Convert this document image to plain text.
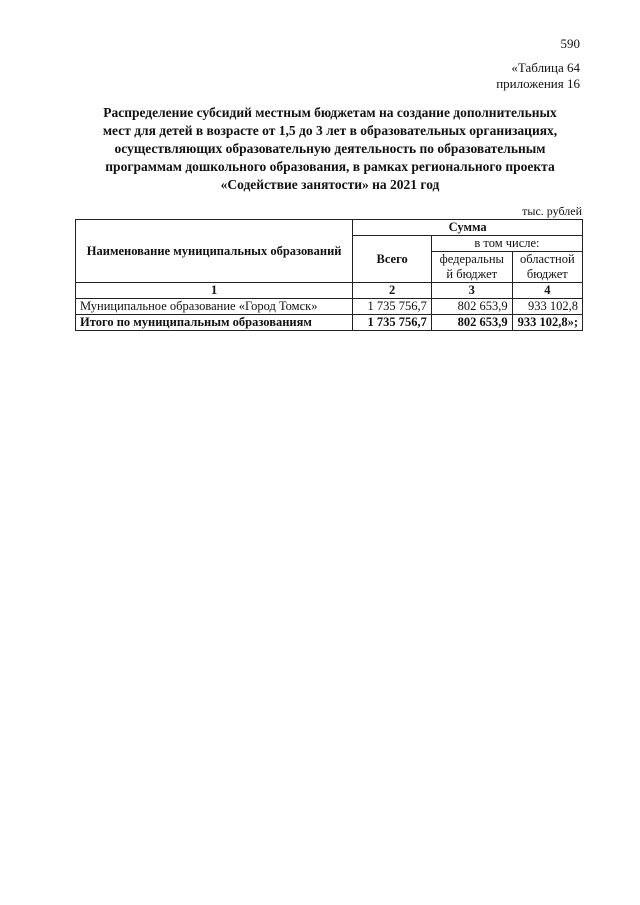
590
«Таблица 64
приложения 16
Распределение субсидий местным бюджетам на создание дополнительных
мест для детей в возрасте от 1,5 до 3 лет в образовательных организациях,
осуществляющих образовательную деятельность по образовательным
программам дошкольного образования, в рамках регионального проекта
«Содействие занятости» на 2021 год
тыс. рублей
Наименование муниципальных образований	Сумма		
	Всего	в том числе:	
		федеральны й бюджет	областной бюджет
1	2	3	4
Муниципальное образование «Город Томск»	1 735 756,7	802 653,9	933 102,8
Итого по муниципальным образованиям	1 735 756,7	802 653,9	933 102,8»;
